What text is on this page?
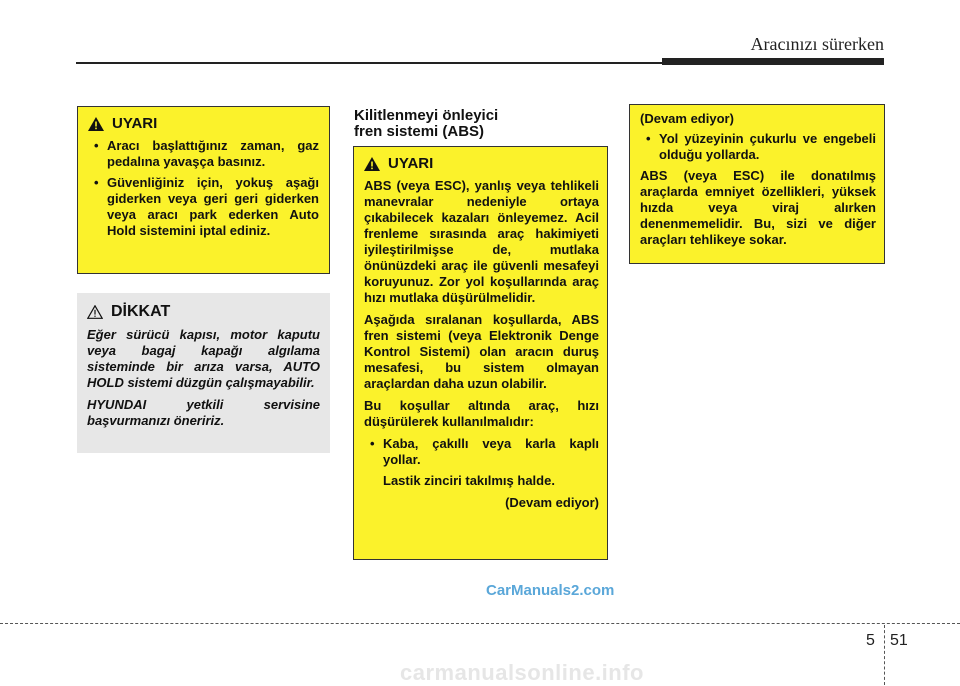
Aracınızı sürerken
UYARI
• Aracı başlattığınız zaman, gaz pedalına yavaşça basınız.
• Güvenliğiniz için, yokuş aşağı giderken veya geri geri giderken veya aracı park ederken Auto Hold sistemini iptal ediniz.
DİKKAT

Eğer sürücü kapısı, motor kaputu veya bagaj kapağı algılama sisteminde bir arıza varsa, AUTO HOLD sistemi düzgün çalışmayabilir.

HYUNDAI yetkili servisine başvurmanızı öneririz.

Kilitlenmeyi önleyici
fren sistemi (ABS)
UYARI

ABS (veya ESC), yanlış veya tehlikeli manevralar nedeniyle ortaya çıkabilecek kazaları önleyemez. Acil frenleme sırasında araç hakimiyeti iyileştirilmişse de, mutlaka önünüzdeki araç ile güvenli mesafeyi koruyunuz. Zor yol koşullarında araç hızı mutlaka düşürülmelidir.

Aşağıda sıralanan koşullarda, ABS fren sistemi (veya Elektronik Denge Kontrol Sistemi) olan aracın duruş mesafesi, bu sistem olmayan araçlardan daha uzun olabilir.

Bu koşullar altında araç, hızı düşürülerek kullanılmalıdır:

• Kaba, çakıllı veya karla kaplı yollar.
Lastik zinciri takılmış halde.
(Devam ediyor)

(Devam ediyor)

• Yol yüzeyinin çukurlu ve engebeli olduğu yollarda.

ABS (veya ESC) ile donatılmış araçlarda emniyet özellikleri, yüksek hızda veya viraj alırken denenmemelidir. Bu, sizi ve diğer araçları tehlikeye sokar.

CarManuals2.com
5 51
carmanualsonline.info
